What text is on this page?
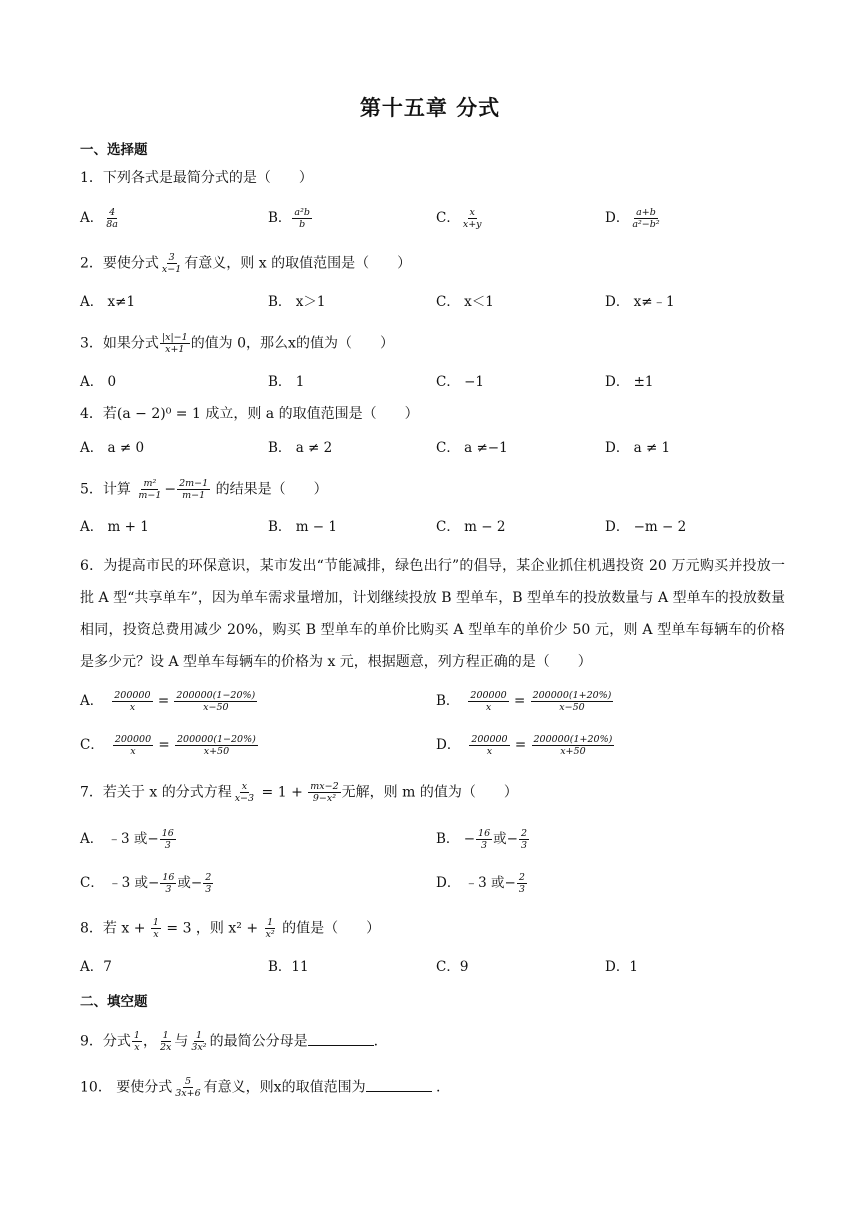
第十五章 分式
一、选择题
1．下列各式是最简分式的是（　　）
A． $\frac{4}{8a}$	B． $\frac{\text{a²b}}{b}$	C． $\frac{x}{x+y}$	D． $\frac{a+b}{\text{a²−b²}}$
2．要使分式 $\frac{3}{x-1}$ 有意义，则 x 的取值范围是（　　）
A． x≠1	B． x＞1	C． x＜1	D． x≠﹣1
3．如果分式 $\frac{|x|-1}{x+1}$ 的值为 0，那么x的值为（　　）
A． 0	B． 1	C． −1	D． ±1
4．若(a − 2)⁰ = 1 成立，则 a 的取值范围是（　　）
A． a ≠ 0	B． a ≠ 2	C． a ≠−1	D． a ≠ 1
5．计算 $\frac{\text{m²}}{m-1} - \frac{2m-1}{m-1}$ 的结果是（　　）
A． m + 1	B． m − 1	C． m − 2	D． −m − 2
6．为提高市民的环保意识，某市发出“节能减排，绿色出行”的倡导，某企业抓住机遇投资 20 万元购买并投放一批 A 型“共享单车”，因为单车需求量增加，计划继续投放 B 型单车，B 型单车的投放数量与 A 型单车的投放数量相同，投资总费用减少 20%，购买 B 型单车的单价比购买 A 型单车的单价少 50 元，则 A 型单车每辆车的价格是多少元？设 A 型单车每辆车的价格为 x 元，根据题意，列方程正确的是（　　）
A． $\frac{200000}{x} = \frac{200000(1-20\%)}{x-50}$	B． $\frac{200000}{x} = \frac{200000(1+20\%)}{x-50}$
C． $\frac{200000}{x} = \frac{200000(1-20\%)}{x+50}$	D． $\frac{200000}{x} = \frac{200000(1+20\%)}{x+50}$
7．若关于 x 的分式方程 $\frac{x}{x-3} = 1 + \frac{mx-2}{\text{9−x²}}$ 无解，则 m 的值为（　　）
A． ﹣3 或− $\frac{16}{3}$	B． − $\frac{16}{3}$ 或− $\frac{2}{3}$
C． ﹣3 或− $\frac{16}{3}$ 或− $\frac{2}{3}$	D． ﹣3 或− $\frac{2}{3}$
8．若 $x + \frac{1}{x} = 3$ ，则 $x^2 + \frac{1}{\text{x²}}$ 的值是（　　）
A．7	B．11	C．9	D．1
二、填空题
9．分式 $\frac{1}{x}$ ， $\frac{1}{2x}$ 与 $\frac{1}{\text{3x²}}$ 的最简公分母是	.
10． 要使分式 $\frac{5}{3x+6}$ 有意义，则x的取值范围为	.
